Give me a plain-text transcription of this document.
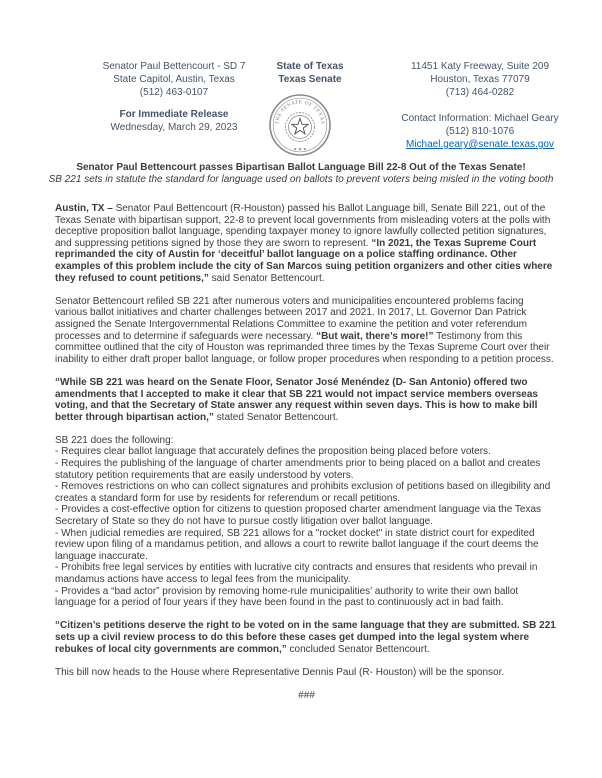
Senator Paul Bettencourt - SD 7
State Capitol, Austin, Texas
(512) 463-0107
For Immediate Release
Wednesday, March 29, 2023
State of Texas
Texas Senate
THE SENATE OF TEXAS
★ ★ ★
11451 Katy Freeway, Suite 209
Houston, Texas 77079
(713) 464-0282
Contact Information: Michael Geary
(512) 810-1076
Michael.geary@senate.texas.gov
Senator Paul Bettencourt passes Bipartisan Ballot Language Bill 22-8 Out of the Texas Senate!
SB 221 sets in statute the standard for language used on ballots to prevent voters being misled in the voting booth

Austin, TX – Senator Paul Bettencourt (R-Houston) passed his Ballot Language bill, Senate Bill 221, out of the Texas Senate with bipartisan support, 22-8 to prevent local governments from misleading voters at the polls with deceptive proposition ballot language, spending taxpayer money to ignore lawfully collected petition signatures, and suppressing petitions signed by those they are sworn to represent. “In 2021, the Texas Supreme Court reprimanded the city of Austin for ‘deceitful’ ballot language on a police staffing ordinance. Other examples of this problem include the city of San Marcos suing petition organizers and other cities where they refused to count petitions,” said Senator Bettencourt.

Senator Bettencourt refiled SB 221 after numerous voters and municipalities encountered problems facing various ballot initiatives and charter challenges between 2017 and 2021. In 2017, Lt. Governor Dan Patrick assigned the Senate Intergovernmental Relations Committee to examine the petition and voter referendum processes and to determine if safeguards were necessary. “But wait, there’s more!” Testimony from this committee outlined that the city of Houston was reprimanded three times by the Texas Supreme Court over their inability to either draft proper ballot language, or follow proper procedures when responding to a petition process.

“While SB 221 was heard on the Senate Floor, Senator José Menéndez (D- San Antonio) offered two amendments that I accepted to make it clear that SB 221 would not impact service members overseas voting, and that the Secretary of State answer any request within seven days. This is how to make bill better through bipartisan action,” stated Senator Bettencourt.

SB 221 does the following:
- Requires clear ballot language that accurately defines the proposition being placed before voters.
- Requires the publishing of the language of charter amendments prior to being placed on a ballot and creates statutory petition requirements that are easily understood by voters.
- Removes restrictions on who can collect signatures and prohibits exclusion of petitions based on illegibility and creates a standard form for use by residents for referendum or recall petitions.
- Provides a cost-effective option for citizens to question proposed charter amendment language via the Texas Secretary of State so they do not have to pursue costly litigation over ballot language.
- When judicial remedies are required, SB 221 allows for a "rocket docket" in state district court for expedited review upon filing of a mandamus petition, and allows a court to rewrite ballot language if the court deems the language inaccurate.
- Prohibits free legal services by entities with lucrative city contracts and ensures that residents who prevail in mandamus actions have access to legal fees from the municipality.
- Provides a “bad actor” provision by removing home-rule municipalities’ authority to write their own ballot language for a period of four years if they have been found in the past to continuously act in bad faith.

“Citizen’s petitions deserve the right to be voted on in the same language that they are submitted. SB 221 sets up a civil review process to do this before these cases get dumped into the legal system where rebukes of local city governments are common,” concluded Senator Bettencourt.

This bill now heads to the House where Representative Dennis Paul (R- Houston) will be the sponsor.

###
